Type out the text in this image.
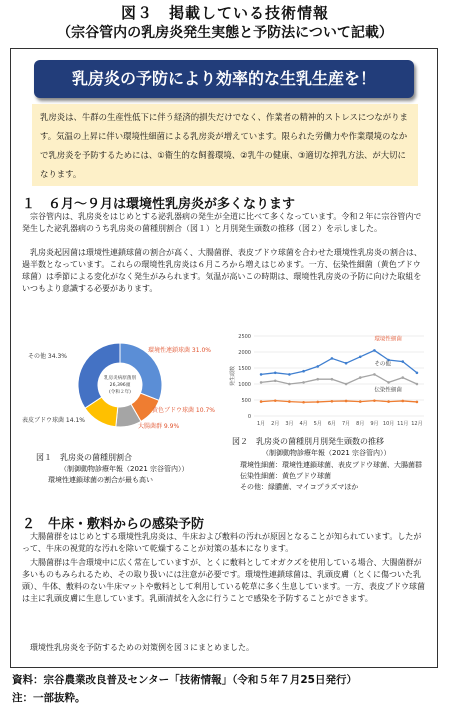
図３　掲載している技術情報
（宗谷管内の乳房炎発生実態と予防法について記載）
乳房炎の予防により効率的な生乳生産を！
乳房炎は、牛群の生産性低下に伴う経済的損失だけでなく、作業者の精神的ストレスにつながります。気温の上昇に伴い環境性細菌による乳房炎が増えています。限られた労働力や作業環境のなかで乳房炎を予防するためには、①衛生的な飼養環境、②乳牛の健康、③適切な搾乳方法、が大切になります。
１　６月〜９月は環境性乳房炎が多くなります
宗谷管内は、乳房炎をはじめとする泌乳器病の発生が全道に比べて多くなっています。令和２年に宗谷管内で発生した泌乳器病のうち乳房炎の菌種別割合（図１）と月別発生頭数の推移（図２）を示しました。
乳房炎起因菌は環境性連鎖球菌の割合が高く、大腸菌群、表皮ブドウ球菌を合わせた環境性乳房炎の割合は、過半数となっています。これらの環境性乳房炎は６月ころから増えはじめます。一方、伝染性細菌（黄色ブドウ球菌）は季節による変化がなく発生がみられます。気温が高いこの時期は、環境性乳房炎の予防に向けた取組をいつもより意識する必要があります。
環境性連鎖球菌 31.0%
黄色ブドウ球菌 10.7%
大腸菌群 9.9%
表皮ブドウ球菌 14.1%
その他 34.3%
乳房炎病原菌別
26,396頭
(令和２年)
0
500
1000
1500
2000
2500
発生頭数
1月 2月 3月 4月 5月 6月 7月 8月 9月 10月 11月 12月
環境性細菌
その他
伝染性細菌
図１　乳房炎の菌種別割合
（制御動物診療年報（2021 宗谷管内））
環境性連鎖球菌の割合が最も高い
図２　乳房炎の菌種別月別発生頭数の推移
（制御動物診療年報（2021 宗谷管内））
環境性細菌：環境性連鎖球菌、表皮ブドウ球菌、大腸菌群
伝染性細菌：黄色ブドウ球菌
その他：緑膿菌、マイコプラズマほか
２　牛床・敷料からの感染予防
大腸菌群をはじめとする環境性乳房炎は、牛床および敷料の汚れが原因となることが知られています。したがって、牛床の視覚的な汚れを除いて乾燥することが対策の基本になります。
大腸菌群は牛舎環境中に広く常在していますが、とくに敷料としてオガクズを使用している場合、大腸菌群が多いものもみられるため、その取り扱いには注意が必要です。環境性連鎖球菌は、乳頭皮膚（とくに傷ついた乳頭）、牛体、敷料のない牛床マットや敷料として利用している乾草に多く生息しています。一方、表皮ブドウ球菌は主に乳頭皮膚に生息しています。乳頭清拭を入念に行うことで感染を予防することができます。
環境性乳房炎を予防するための対策例を図３にまとめました。
資料：宗谷農業改良普及センター「技術情報」（令和５年７月25日発行）
注：一部抜粋。
